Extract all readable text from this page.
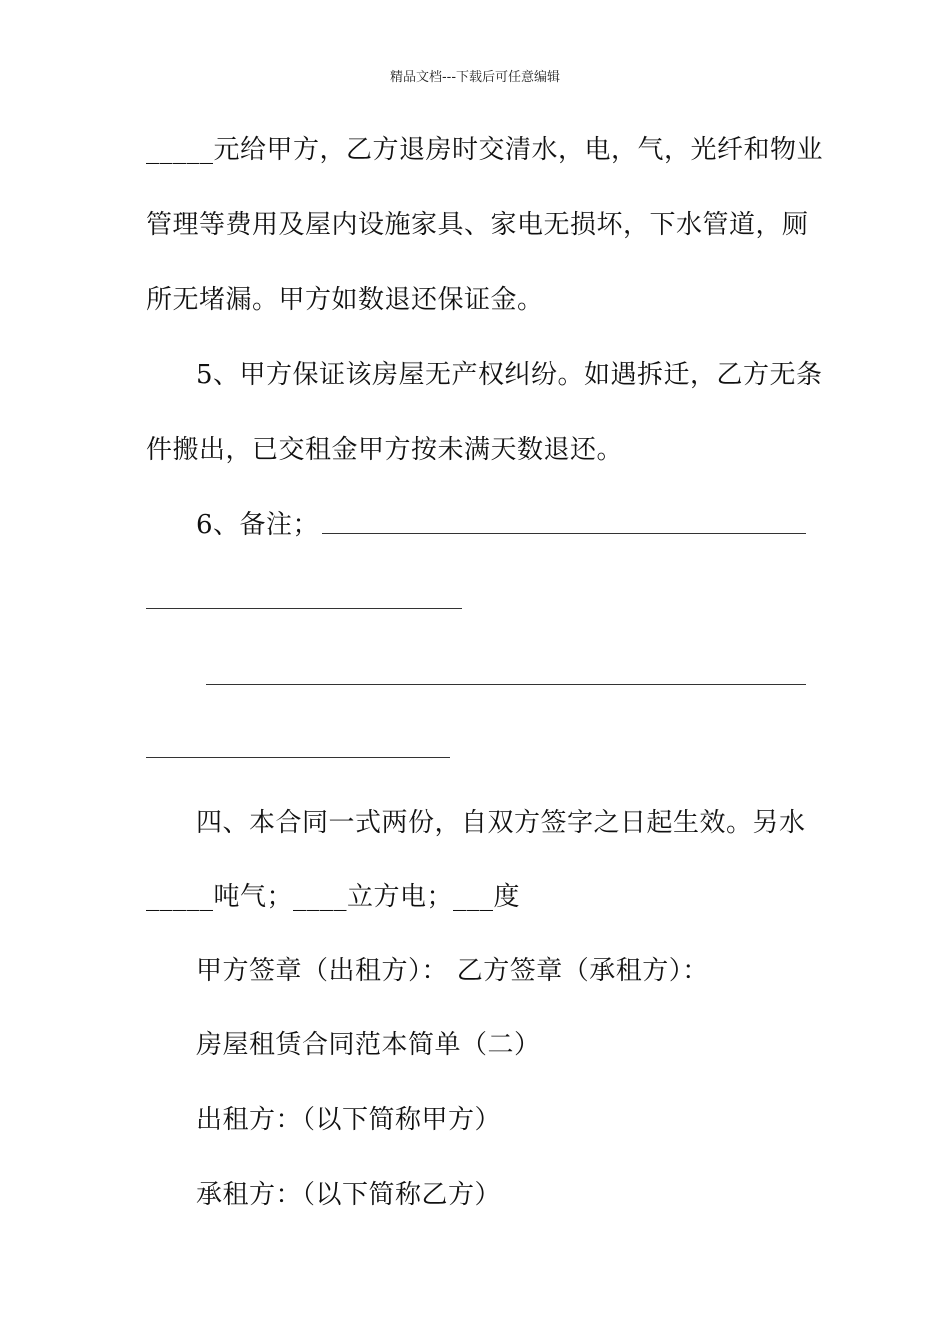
精品文档---下载后可任意编辑
_____元给甲方，乙方退房时交清水，电，气，光纤和物业
管理等费用及屋内设施家具、家电无损坏，下水管道，厕
所无堵漏。甲方如数退还保证金。
5、甲方保证该房屋无产权纠纷。如遇拆迁，乙方无条
件搬出，已交租金甲方按未满天数退还。
6、备注；
四、本合同一式两份，自双方签字之日起生效。另水
_____吨气；____立方电；___度
甲方签章（出租方）： 乙方签章（承租方）：
房屋租赁合同范本简单（二）
出租方：（以下简称甲方）
承租方：（以下简称乙方）
